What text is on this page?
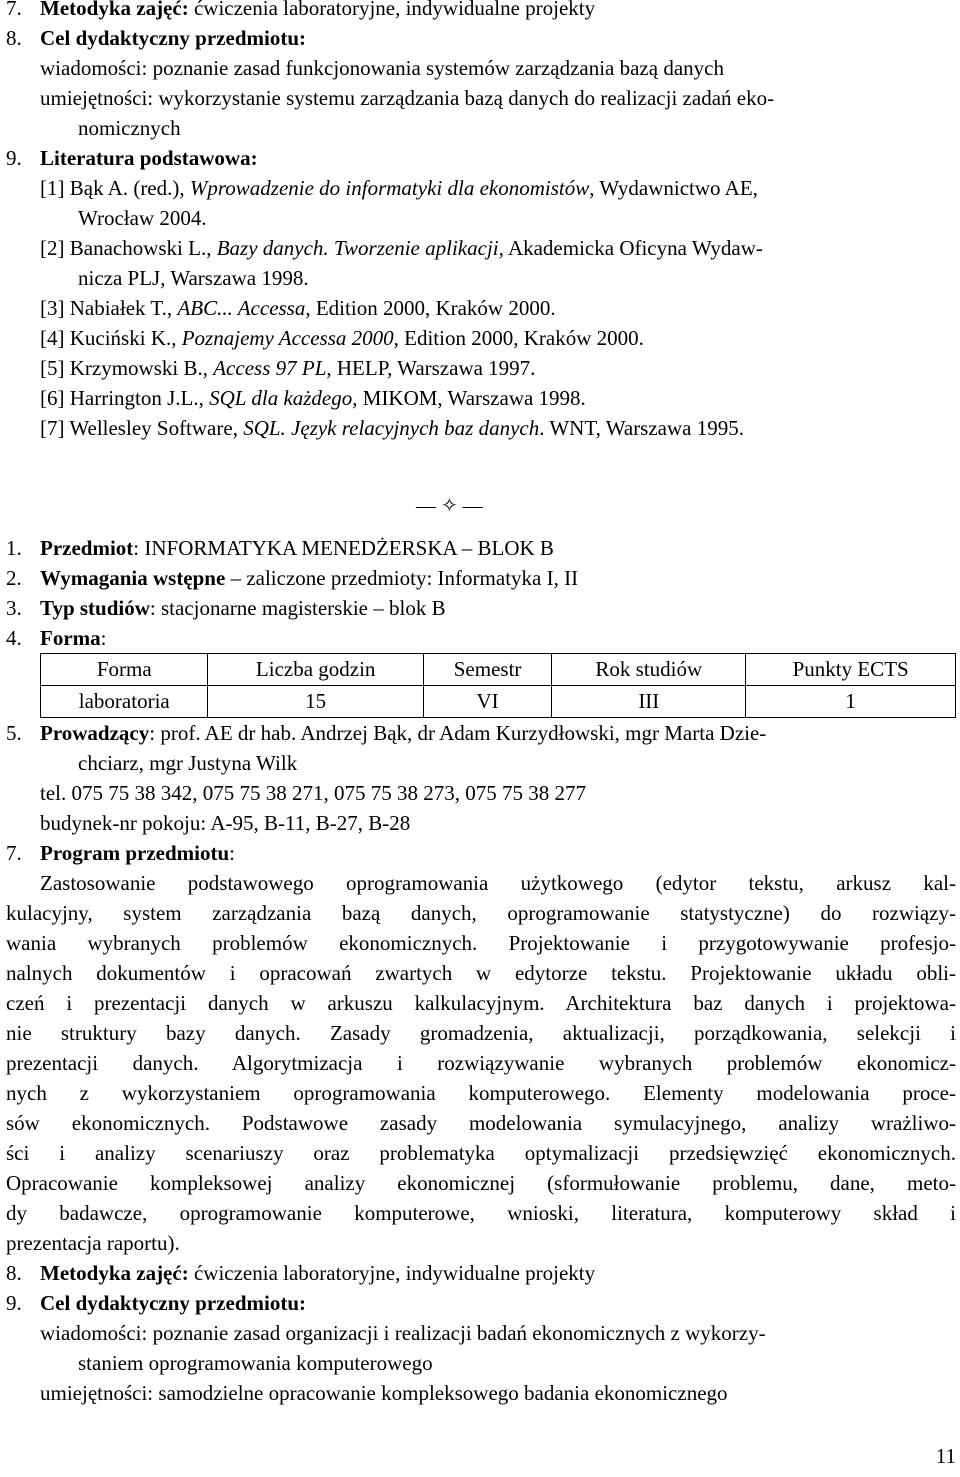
7. Metodyka zajęć: ćwiczenia laboratoryjne, indywidualne projekty
8. Cel dydaktyczny przedmiotu:
wiadomości: poznanie zasad funkcjonowania systemów zarządzania bazą danych
umiejętności: wykorzystanie systemu zarządzania bazą danych do realizacji zadań eko-
nomicznych
9. Literatura podstawowa:
[1] Bąk A. (red.), Wprowadzenie do informatyki dla ekonomistów, Wydawnictwo AE,
Wrocław 2004.
[2] Banachowski L., Bazy danych. Tworzenie aplikacji, Akademicka Oficyna Wydaw-
nicza PLJ, Warszawa 1998.
[3] Nabiałek T., ABC... Accessa, Edition 2000, Kraków 2000.
[4] Kuciński K., Poznajemy Accessa 2000, Edition 2000, Kraków 2000.
[5] Krzymowski B., Access 97 PL, HELP, Warszawa 1997.
[6] Harrington J.L., SQL dla każdego, MIKOM, Warszawa 1998.
[7] Wellesley Software, SQL. Język relacyjnych baz danych. WNT, Warszawa 1995.
— ✧ —
1. Przedmiot: INFORMATYKA MENEDŻERSKA – BLOK B
2. Wymagania wstępne – zaliczone przedmioty: Informatyka I, II
3. Typ studiów: stacjonarne magisterskie – blok B
4. Forma:
Forma	Liczba godzin	Semestr	Rok studiów	Punkty ECTS
laboratoria	15	VI	III	1
5. Prowadzący: prof. AE dr hab. Andrzej Bąk, dr Adam Kurzydłowski, mgr Marta Dzie-
chciarz, mgr Justyna Wilk
tel. 075 75 38 342, 075 75 38 271, 075 75 38 273, 075 75 38 277
budynek-nr pokoju: A-95, B-11, B-27, B-28
7. Program przedmiotu:
Zastosowanie podstawowego oprogramowania użytkowego (edytor tekstu, arkusz kal-
kulacyjny, system zarządzania bazą danych, oprogramowanie statystyczne) do rozwiązy-
wania wybranych problemów ekonomicznych. Projektowanie i przygotowywanie profesjo-
nalnych dokumentów i opracowań zwartych w edytorze tekstu. Projektowanie układu obli-
czeń i prezentacji danych w arkuszu kalkulacyjnym. Architektura baz danych i projektowa-
nie struktury bazy danych. Zasady gromadzenia, aktualizacji, porządkowania, selekcji i
prezentacji danych. Algorytmizacja i rozwiązywanie wybranych problemów ekonomicz-
nych z wykorzystaniem oprogramowania komputerowego. Elementy modelowania proce-
sów ekonomicznych. Podstawowe zasady modelowania symulacyjnego, analizy wrażliwo-
ści i analizy scenariuszy oraz problematyka optymalizacji przedsięwzięć ekonomicznych.
Opracowanie kompleksowej analizy ekonomicznej (sformułowanie problemu, dane, meto-
dy badawcze, oprogramowanie komputerowe, wnioski, literatura, komputerowy skład i
prezentacja raportu).
8. Metodyka zajęć: ćwiczenia laboratoryjne, indywidualne projekty
9. Cel dydaktyczny przedmiotu:
wiadomości: poznanie zasad organizacji i realizacji badań ekonomicznych z wykorzy-
staniem oprogramowania komputerowego
umiejętności: samodzielne opracowanie kompleksowego badania ekonomicznego
11
